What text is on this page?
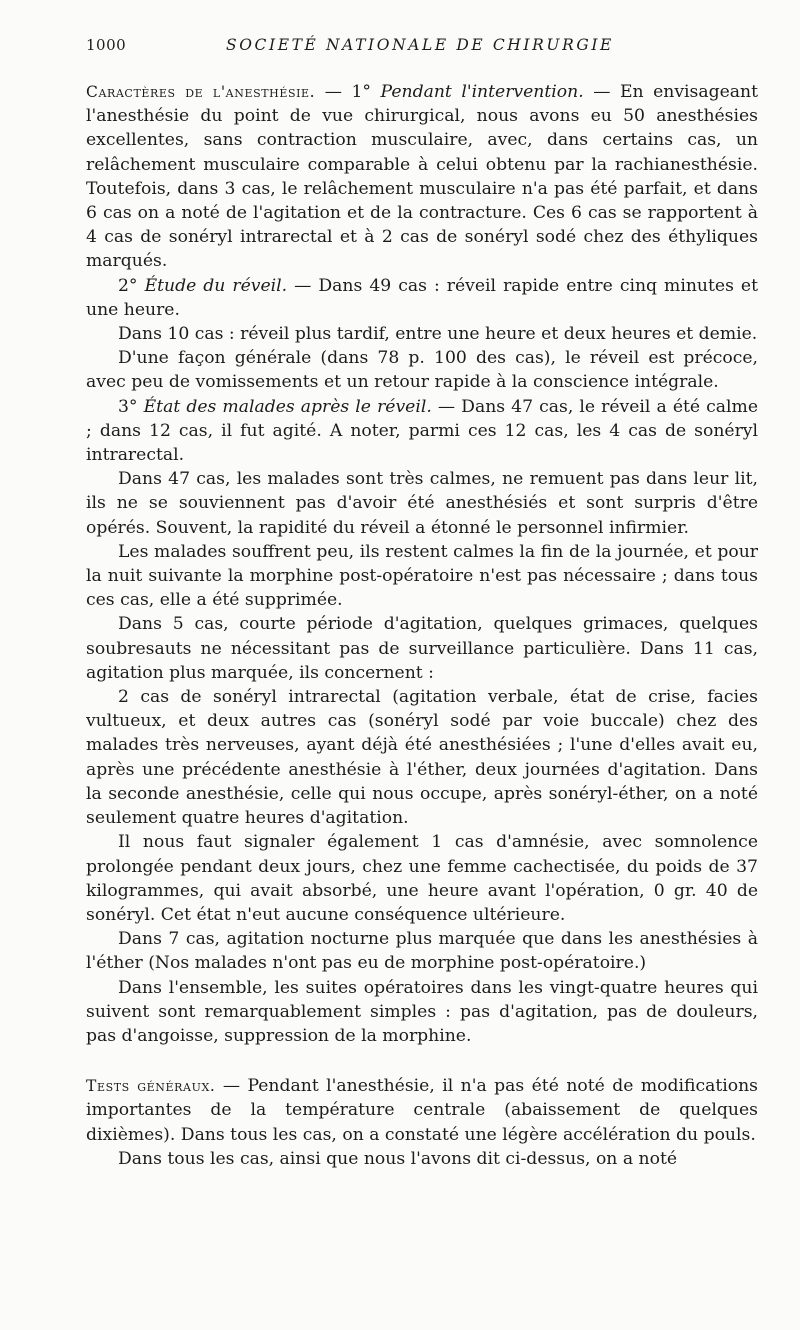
1000	SOCIETÉ NATIONALE DE CHIRURGIE

Caractères de l'anesthésie. — 1° Pendant l'intervention. — En envisageant l'anesthésie du point de vue chirurgical, nous avons eu 50 anesthésies excellentes, sans contraction musculaire, avec, dans certains cas, un relâchement musculaire comparable à celui obtenu par la rachianesthésie. Toutefois, dans 3 cas, le relâchement musculaire n'a pas été parfait, et dans 6 cas on a noté de l'agitation et de la contracture. Ces 6 cas se rapportent à 4 cas de sonéryl intrarectal et à 2 cas de sonéryl sodé chez des éthyliques marqués.

2° Étude du réveil. — Dans 49 cas : réveil rapide entre cinq minutes et une heure.

Dans 10 cas : réveil plus tardif, entre une heure et deux heures et demie.

D'une façon générale (dans 78 p. 100 des cas), le réveil est précoce, avec peu de vomissements et un retour rapide à la conscience intégrale.

3° État des malades après le réveil. — Dans 47 cas, le réveil a été calme ; dans 12 cas, il fut agité. A noter, parmi ces 12 cas, les 4 cas de sonéryl intrarectal.

Dans 47 cas, les malades sont très calmes, ne remuent pas dans leur lit, ils ne se souviennent pas d'avoir été anesthésiés et sont surpris d'être opérés. Souvent, la rapidité du réveil a étonné le personnel infirmier.

Les malades souffrent peu, ils restent calmes la fin de la journée, et pour la nuit suivante la morphine post-opératoire n'est pas nécessaire ; dans tous ces cas, elle a été supprimée.

Dans 5 cas, courte période d'agitation, quelques grimaces, quelques soubresauts ne nécessitant pas de surveillance particulière. Dans 11 cas, agitation plus marquée, ils concernent :

2 cas de sonéryl intrarectal (agitation verbale, état de crise, facies vultueux, et deux autres cas (sonéryl sodé par voie buccale) chez des malades très nerveuses, ayant déjà été anesthésiées ; l'une d'elles avait eu, après une précédente anesthésie à l'éther, deux journées d'agitation. Dans la seconde anesthésie, celle qui nous occupe, après sonéryl-éther, on a noté seulement quatre heures d'agitation.

Il nous faut signaler également 1 cas d'amnésie, avec somnolence prolongée pendant deux jours, chez une femme cachectisée, du poids de 37 kilogrammes, qui avait absorbé, une heure avant l'opération, 0 gr. 40 de sonéryl. Cet état n'eut aucune conséquence ultérieure.

Dans 7 cas, agitation nocturne plus marquée que dans les anesthésies à l'éther (Nos malades n'ont pas eu de morphine post-opératoire.)

Dans l'ensemble, les suites opératoires dans les vingt-quatre heures qui suivent sont remarquablement simples : pas d'agitation, pas de douleurs, pas d'angoisse, suppression de la morphine.

Tests généraux. — Pendant l'anesthésie, il n'a pas été noté de modifications importantes de la température centrale (abaissement de quelques dixièmes). Dans tous les cas, on a constaté une légère accélération du pouls.

Dans tous les cas, ainsi que nous l'avons dit ci-dessus, on a noté
